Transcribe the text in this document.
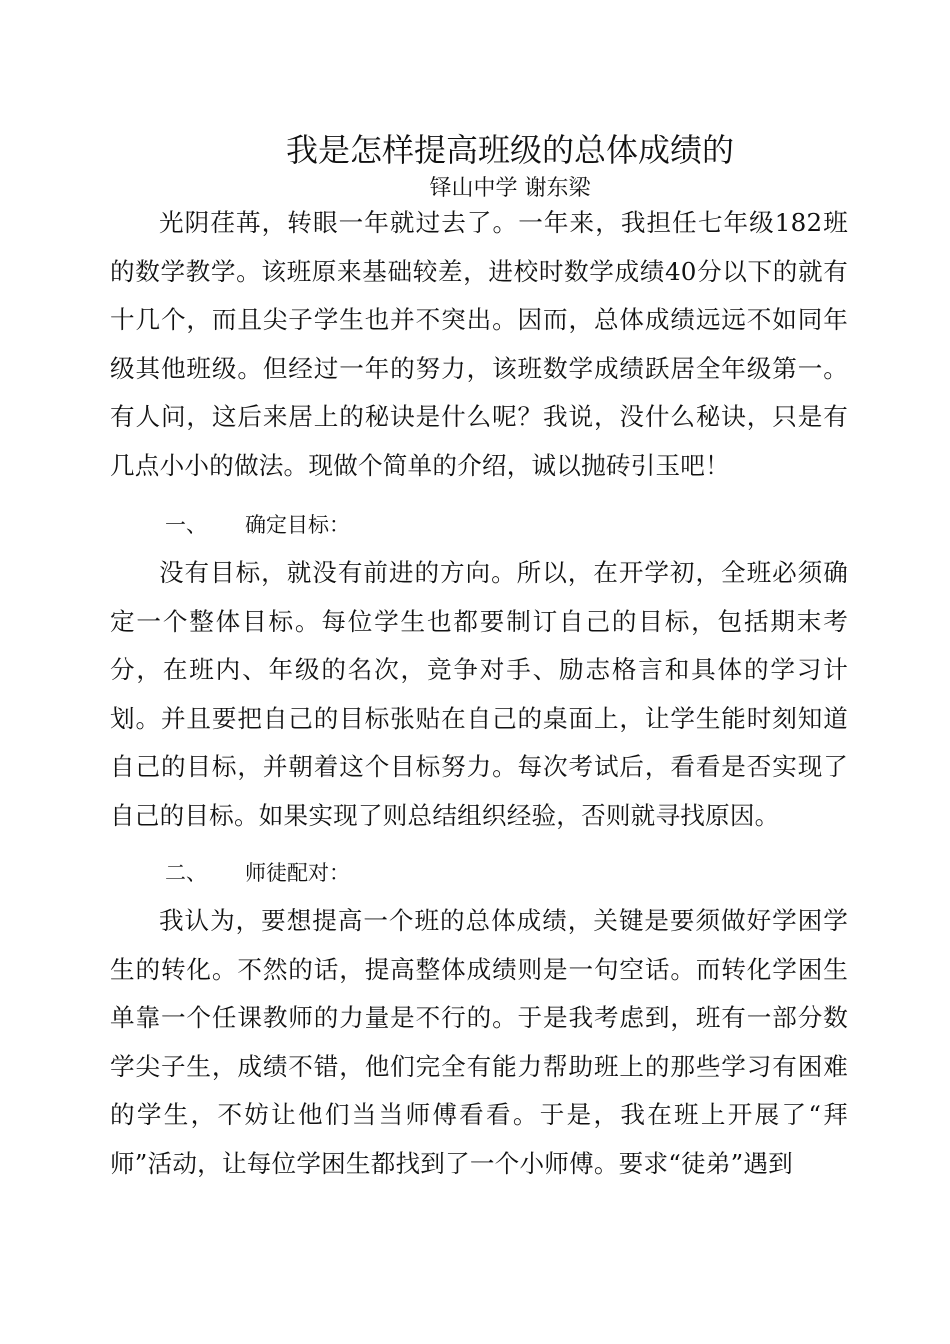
我是怎样提高班级的总体成绩的

铎山中学 谢东梁

光阴荏苒，转眼一年就过去了。一年来，我担任七年级182班的数学教学。该班原来基础较差，进校时数学成绩40分以下的就有十几个，而且尖子学生也并不突出。因而，总体成绩远远不如同年级其他班级。但经过一年的努力，该班数学成绩跃居全年级第一。有人问，这后来居上的秘诀是什么呢？我说，没什么秘诀，只是有几点小小的做法。现做个简单的介绍，诚以抛砖引玉吧！

一、	确定目标：

没有目标，就没有前进的方向。所以，在开学初，全班必须确定一个整体目标。每位学生也都要制订自己的目标，包括期末考分，在班内、年级的名次，竞争对手、励志格言和具体的学习计划。并且要把自己的目标张贴在自己的桌面上，让学生能时刻知道自己的目标，并朝着这个目标努力。每次考试后，看看是否实现了自己的目标。如果实现了则总结组织经验，否则就寻找原因。

二、	师徒配对：

我认为，要想提高一个班的总体成绩，关键是要须做好学困学生的转化。不然的话，提高整体成绩则是一句空话。而转化学困生单靠一个任课教师的力量是不行的。于是我考虑到，班有一部分数学尖子生，成绩不错，他们完全有能力帮助班上的那些学习有困难的学生，不妨让他们当当师傅看看。于是，我在班上开展了“拜师”活动，让每位学困生都找到了一个小师傅。要求“徒弟”遇到
